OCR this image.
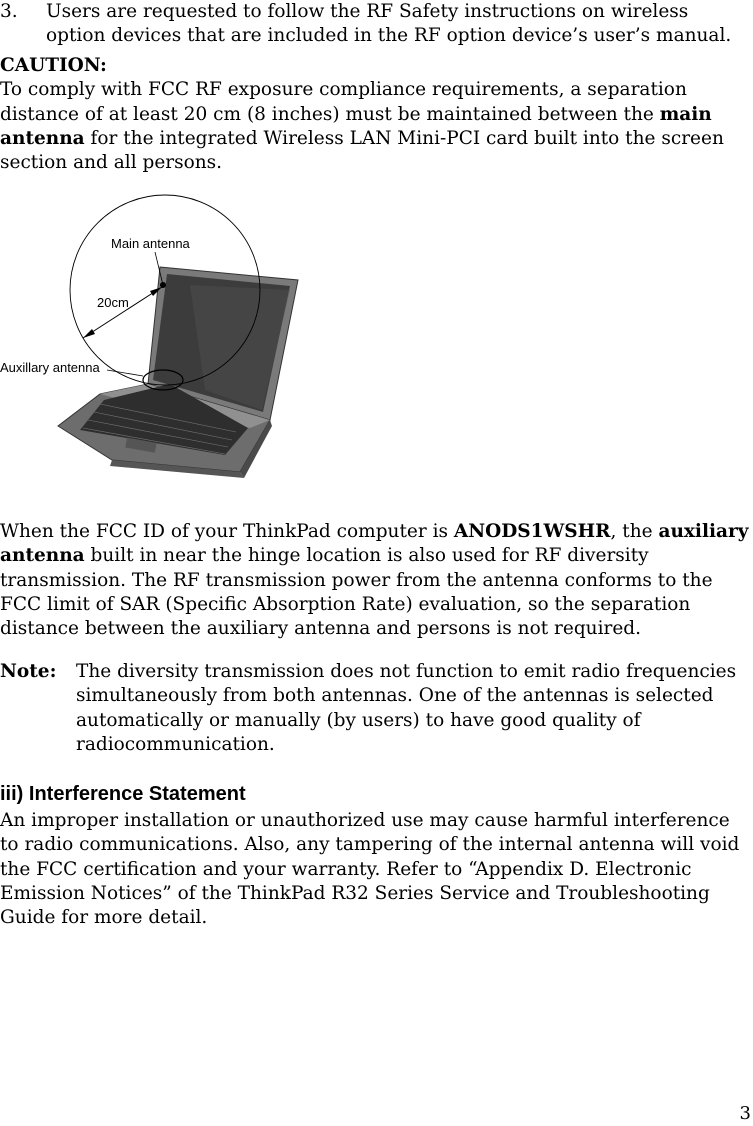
3.	Users are requested to follow the RF Safety instructions on wireless option devices that are included in the RF option device’s user’s manual.
CAUTION:
To comply with FCC RF exposure compliance requirements, a separation distance of at least 20 cm (8 inches) must be maintained between the main antenna for the integrated Wireless LAN Mini-PCI card built into the screen section and all persons.
Main antenna
20cm
Auxillary antenna
When the FCC ID of your ThinkPad computer is ANODS1WSHR, the auxiliary antenna built in near the hinge location is also used for RF diversity transmission. The RF transmission power from the antenna conforms to the FCC limit of SAR (Specific Absorption Rate) evaluation, so the separation distance between the auxiliary antenna and persons is not required.
Note:	The diversity transmission does not function to emit radio frequencies simultaneously from both antennas. One of the antennas is selected automatically or manually (by users) to have good quality of radiocommunication.
iii) Interference Statement
An improper installation or unauthorized use may cause harmful interference to radio communications. Also, any tampering of the internal antenna will void the FCC certification and your warranty. Refer to “Appendix D. Electronic Emission Notices” of the ThinkPad R32 Series Service and Troubleshooting Guide for more detail.
3
